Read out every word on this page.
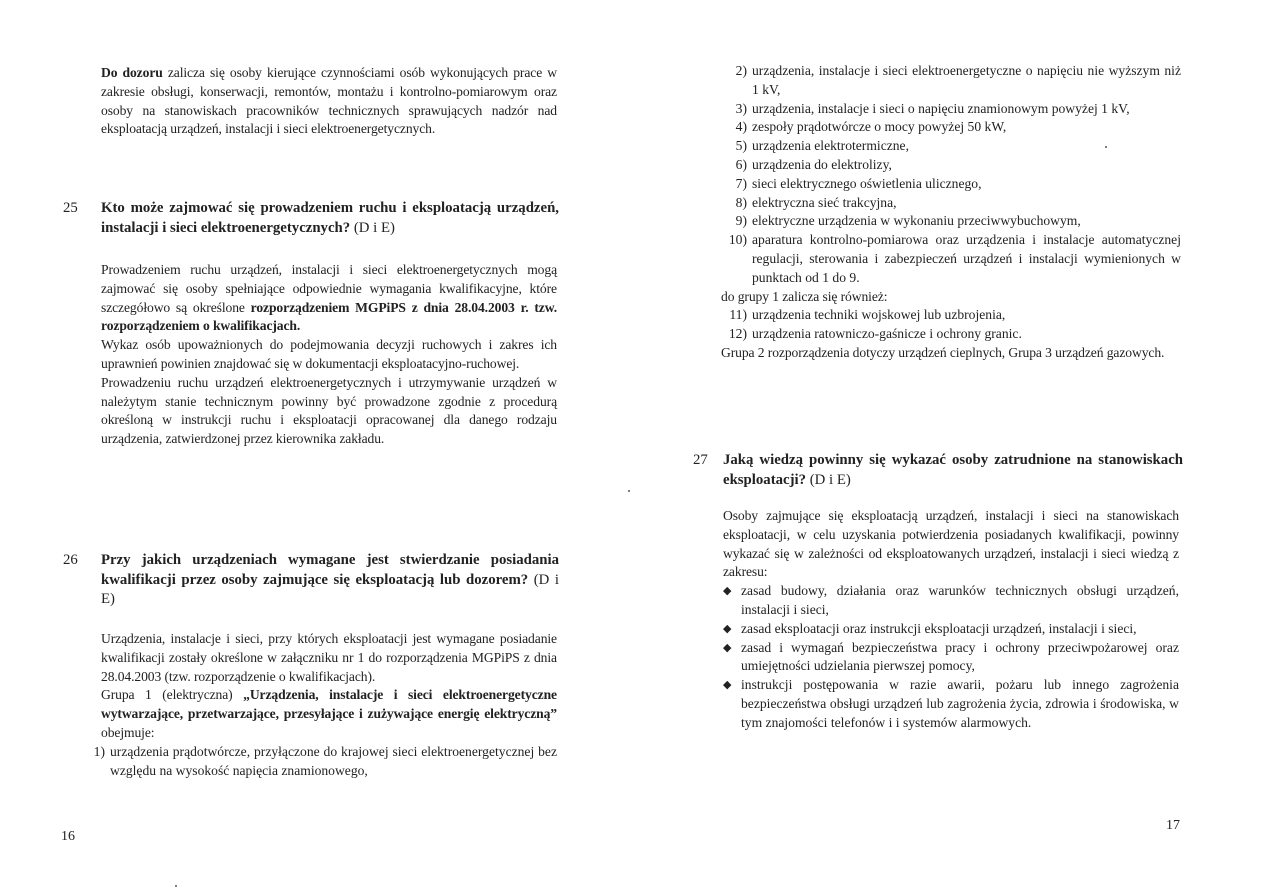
Do dozoru zalicza się osoby kierujące czynnościami osób wykonujących prace w zakresie obsługi, konserwacji, remontów, montażu i kontrolno-pomiarowym oraz osoby na stanowiskach pracowników technicznych sprawujących nadzór nad eksploatacją urządzeń, instalacji i sieci elektroenergetycznych.

25	Kto może zajmować się prowadzeniem ruchu i eksploatacją urządzeń, instalacji i sieci elektroenergetycznych? (D i E)

Prowadzeniem ruchu urządzeń, instalacji i sieci elektroenergetycznych mogą zajmować się osoby spełniające odpowiednie wymagania kwalifikacyjne, które szczegółowo są określone rozporządzeniem MGPiPS z dnia 28.04.2003 r. tzw. rozporządzeniem o kwalifikacjach.

Wykaz osób upoważnionych do podejmowania decyzji ruchowych i zakres ich uprawnień powinien znajdować się w dokumentacji eksploatacyjno-ruchowej.

Prowadzeniu ruchu urządzeń elektroenergetycznych i utrzymywanie urządzeń w należytym stanie technicznym powinny być prowadzone zgodnie z procedurą określoną w instrukcji ruchu i eksploatacji opracowanej dla danego rodzaju urządzenia, zatwierdzonej przez kierownika zakładu.

26	Przy jakich urządzeniach wymagane jest stwierdzanie posiadania kwalifikacji przez osoby zajmujące się eksploatacją lub dozorem? (D i E)

Urządzenia, instalacje i sieci, przy których eksploatacji jest wymagane posiadanie kwalifikacji zostały określone w załączniku nr 1 do rozporządzenia MGPiPS z dnia 28.04.2003 (tzw. rozporządzenie o kwalifikacjach).

Grupa 1 (elektryczna) „Urządzenia, instalacje i sieci elektroenergetyczne wytwarzające, przetwarzające, przesyłające i zużywające energię elektryczną” obejmuje:

1) urządzenia prądotwórcze, przyłączone do krajowej sieci elektroenergetycznej bez względu na wysokość napięcia znamionowego,
16
2) urządzenia, instalacje i sieci elektroenergetyczne o napięciu nie wyższym niż 1 kV,
3) urządzenia, instalacje i sieci o napięciu znamionowym powyżej 1 kV,
4) zespoły prądotwórcze o mocy powyżej 50 kW,
5) urządzenia elektrotermiczne,
6) urządzenia do elektrolizy,
7) sieci elektrycznego oświetlenia ulicznego,
8) elektryczna sieć trakcyjna,
9) elektryczne urządzenia w wykonaniu przeciwwybuchowym,
10) aparatura kontrolno-pomiarowa oraz urządzenia i instalacje automatycznej regulacji, sterowania i zabezpieczeń urządzeń i instalacji wymienionych w punktach od 1 do 9.

do grupy 1 zalicza się również:

11) urządzenia techniki wojskowej lub uzbrojenia,
12) urządzenia ratowniczo-gaśnicze i ochrony granic.

Grupa 2 rozporządzenia dotyczy urządzeń cieplnych, Grupa 3 urządzeń gazowych.

27	Jaką wiedzą powinny się wykazać osoby zatrudnione na stanowiskach eksploatacji? (D i E)

Osoby zajmujące się eksploatacją urządzeń, instalacji i sieci na stanowiskach eksploatacji, w celu uzyskania potwierdzenia posiadanych kwalifikacji, powinny wykazać się w zależności od eksploatowanych urządzeń, instalacji i sieci wiedzą z zakresu:

◆ zasad budowy, działania oraz warunków technicznych obsługi urządzeń, instalacji i sieci,
◆ zasad eksploatacji oraz instrukcji eksploatacji urządzeń, instalacji i sieci,
◆ zasad i wymagań bezpieczeństwa pracy i ochrony przeciwpożarowej oraz umiejętności udzielania pierwszej pomocy,
◆ instrukcji postępowania w razie awarii, pożaru lub innego zagrożenia bezpieczeństwa obsługi urządzeń lub zagrożenia życia, zdrowia i środowiska, w tym znajomości telefonów i i systemów alarmowych.
17
